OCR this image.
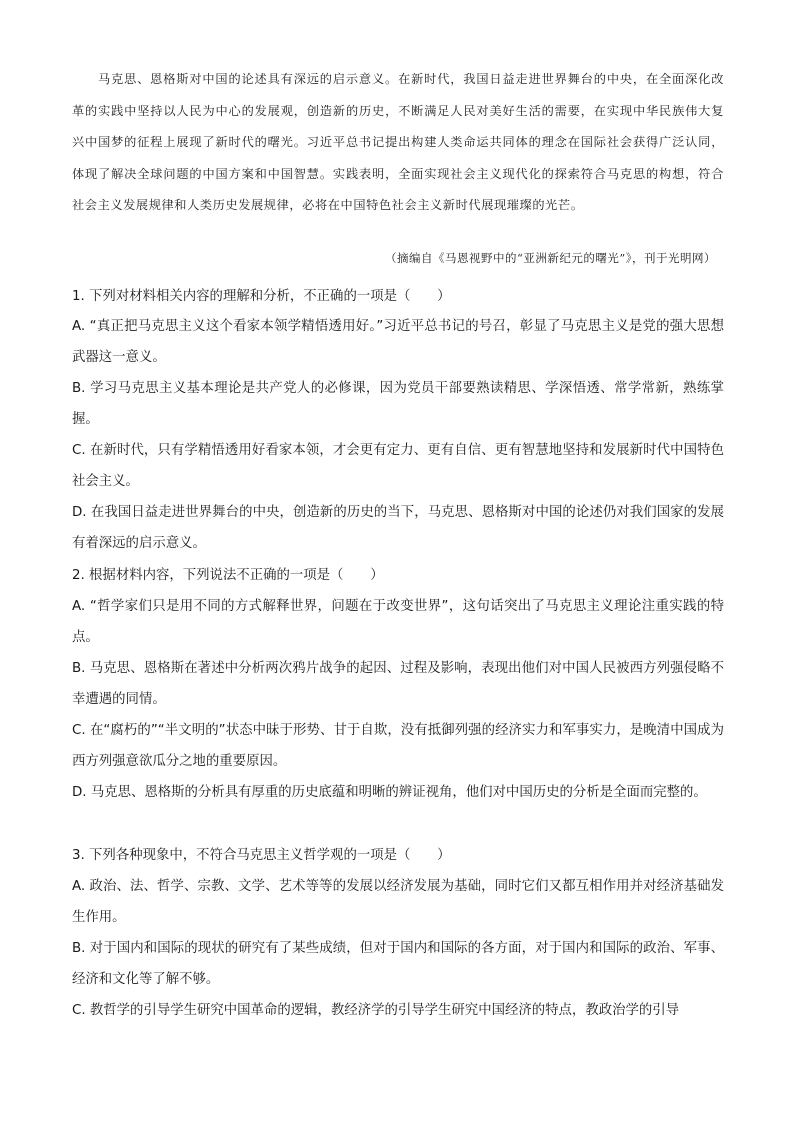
马克思、恩格斯对中国的论述具有深远的启示意义。在新时代，我国日益走进世界舞台的中央，在全面深化改革的实践中坚持以人民为中心的发展观，创造新的历史，不断满足人民对美好生活的需要，在实现中华民族伟大复兴中国梦的征程上展现了新时代的曙光。习近平总书记提出构建人类命运共同体的理念在国际社会获得广泛认同，体现了解决全球问题的中国方案和中国智慧。实践表明，全面实现社会主义现代化的探索符合马克思的构想，符合社会主义发展规律和人类历史发展规律，必将在中国特色社会主义新时代展现璀璨的光芒。

（摘编自《马恩视野中的“亚洲新纪元的曙光”》，刊于光明网）
1. 下列对材料相关内容的理解和分析，不正确的一项是（　　）

A. “真正把马克思主义这个看家本领学精悟透用好。”习近平总书记的号召，彰显了马克思主义是党的强大思想武器这一意义。

B. 学习马克思主义基本理论是共产党人的必修课，因为党员干部要熟读精思、学深悟透、常学常新，熟练掌握。

C. 在新时代，只有学精悟透用好看家本领，才会更有定力、更有自信、更有智慧地坚持和发展新时代中国特色社会主义。

D. 在我国日益走进世界舞台的中央，创造新的历史的当下，马克思、恩格斯对中国的论述仍对我们国家的发展有着深远的启示意义。

2. 根据材料内容，下列说法不正确的一项是（　　）

A. “哲学家们只是用不同的方式解释世界，问题在于改变世界”，这句话突出了马克思主义理论注重实践的特点。

B. 马克思、恩格斯在著述中分析两次鸦片战争的起因、过程及影响，表现出他们对中国人民被西方列强侵略不幸遭遇的同情。

C. 在“腐朽的”“半文明的”状态中昧于形势、甘于自欺，没有抵御列强的经济实力和军事实力，是晚清中国成为西方列强意欲瓜分之地的重要原因。

D. 马克思、恩格斯的分析具有厚重的历史底蕴和明晰的辨证视角，他们对中国历史的分析是全面而完整的。

3. 下列各种现象中，不符合马克思主义哲学观的一项是（　　）

A. 政治、法、哲学、宗教、文学、艺术等等的发展以经济发展为基础，同时它们又都互相作用并对经济基础发生作用。

B. 对于国内和国际的现状的研究有了某些成绩，但对于国内和国际的各方面，对于国内和国际的政治、军事、经济和文化等了解不够。

C. 教哲学的引导学生研究中国革命的逻辑，教经济学的引导学生研究中国经济的特点，教政治学的引导
